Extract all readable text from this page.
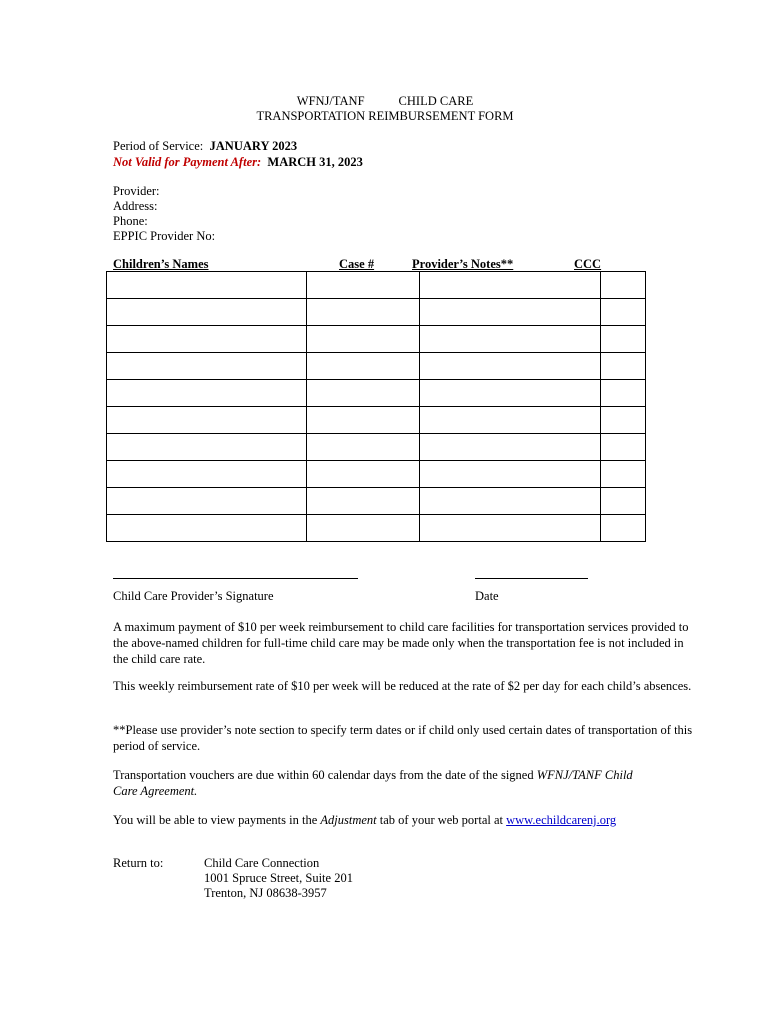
WFNJ/TANF	CHILD CARE
TRANSPORTATION REIMBURSEMENT FORM
Period of Service: JANUARY 2023
Not Valid for Payment After: MARCH 31, 2023
Provider:
Address:
Phone:
EPPIC Provider No:
Children’s Names	Case #	Provider’s Notes**	CCC

Child Care Provider’s Signature	Date
A maximum payment of $10 per week reimbursement to child care facilities for transportation services provided to the above-named children for full-time child care may be made only when the transportation fee is not included in the child care rate.
This weekly reimbursement rate of $10 per week will be reduced at the rate of $2 per day for each child’s absences.
**Please use provider’s note section to specify term dates or if child only used certain dates of transportation of this period of service.
Transportation vouchers are due within 60 calendar days from the date of the signed WFNJ/TANF Child Care Agreement.
You will be able to view payments in the Adjustment tab of your web portal at www.echildcarenj.org
Return to:	Child Care Connection
1001 Spruce Street, Suite 201
Trenton, NJ 08638-3957
